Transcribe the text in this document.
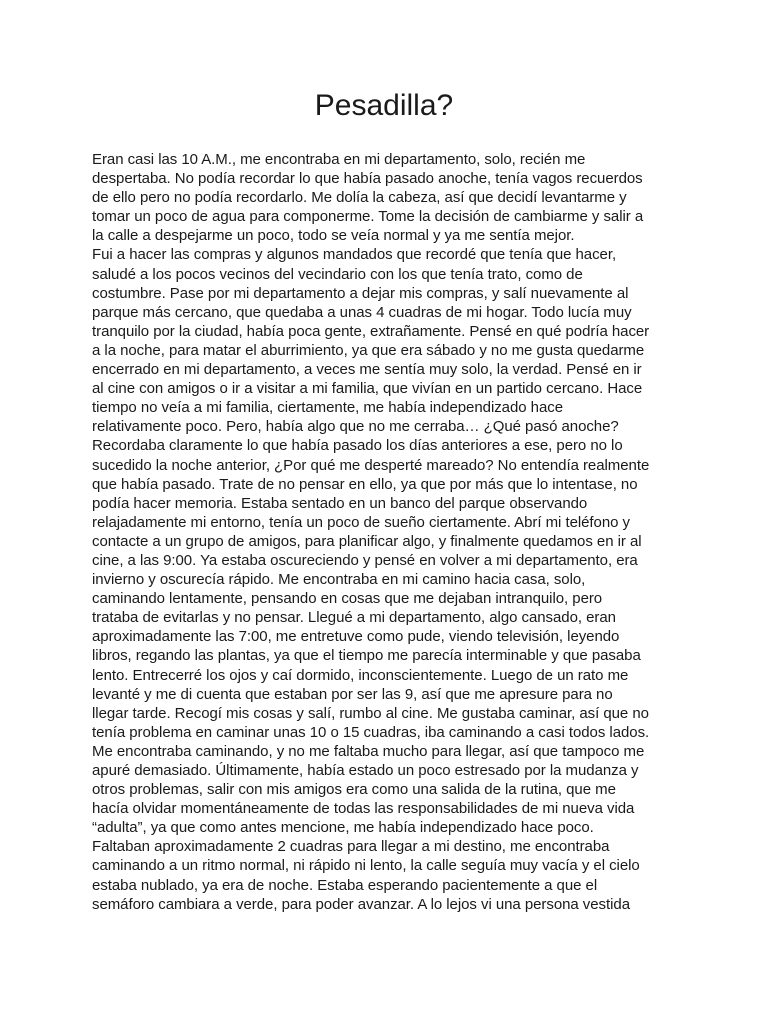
Pesadilla?
Eran casi las 10 A.M., me encontraba en mi departamento, solo, recién me
despertaba. No podía recordar lo que había pasado anoche, tenía vagos recuerdos
de ello pero no podía recordarlo. Me dolía la cabeza, así que decidí levantarme y
tomar un poco de agua para componerme. Tome la decisión de cambiarme y salir a
la calle a despejarme un poco, todo se veía normal y ya me sentía mejor.
Fui a hacer las compras y algunos mandados que recordé que tenía que hacer,
saludé a los pocos vecinos del vecindario con los que tenía trato, como de
costumbre. Pase por mi departamento a dejar mis compras, y salí nuevamente al
parque más cercano, que quedaba a unas 4 cuadras de mi hogar. Todo lucía muy
tranquilo por la ciudad, había poca gente, extrañamente. Pensé en qué podría hacer
a la noche, para matar el aburrimiento, ya que era sábado y no me gusta quedarme
encerrado en mi departamento, a veces me sentía muy solo, la verdad. Pensé en ir
al cine con amigos o ir a visitar a mi familia, que vivían en un partido cercano. Hace
tiempo no veía a mi familia, ciertamente, me había independizado hace
relativamente poco. Pero, había algo que no me cerraba… ¿Qué pasó anoche?
Recordaba claramente lo que había pasado los días anteriores a ese, pero no lo
sucedido la noche anterior, ¿Por qué me desperté mareado? No entendía realmente
que había pasado. Trate de no pensar en ello, ya que por más que lo intentase, no
podía hacer memoria. Estaba sentado en un banco del parque observando
relajadamente mi entorno, tenía un poco de sueño ciertamente. Abrí mi teléfono y
contacte a un grupo de amigos, para planificar algo, y finalmente quedamos en ir al
cine, a las 9:00. Ya estaba oscureciendo y pensé en volver a mi departamento, era
invierno y oscurecía rápido. Me encontraba en mi camino hacia casa, solo,
caminando lentamente, pensando en cosas que me dejaban intranquilo, pero
trataba de evitarlas y no pensar. Llegué a mi departamento, algo cansado, eran
aproximadamente las 7:00, me entretuve como pude, viendo televisión, leyendo
libros, regando las plantas, ya que el tiempo me parecía interminable y que pasaba
lento. Entrecerré los ojos y caí dormido, inconscientemente. Luego de un rato me
levanté y me di cuenta que estaban por ser las 9, así que me apresure para no
llegar tarde. Recogí mis cosas y salí, rumbo al cine. Me gustaba caminar, así que no
tenía problema en caminar unas 10 o 15 cuadras, iba caminando a casi todos lados.
Me encontraba caminando, y no me faltaba mucho para llegar, así que tampoco me
apuré demasiado. Últimamente, había estado un poco estresado por la mudanza y
otros problemas, salir con mis amigos era como una salida de la rutina, que me
hacía olvidar momentáneamente de todas las responsabilidades de mi nueva vida
“adulta”, ya que como antes mencione, me había independizado hace poco.
Faltaban aproximadamente 2 cuadras para llegar a mi destino, me encontraba
caminando a un ritmo normal, ni rápido ni lento, la calle seguía muy vacía y el cielo
estaba nublado, ya era de noche. Estaba esperando pacientemente a que el
semáforo cambiara a verde, para poder avanzar. A lo lejos vi una persona vestida
